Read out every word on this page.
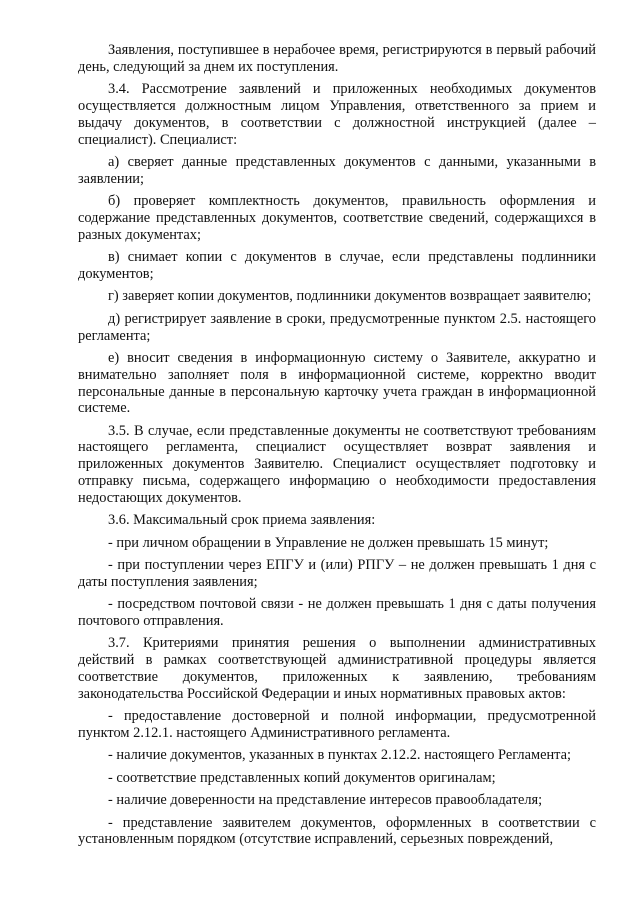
Заявления, поступившее в нерабочее время, регистрируются в первый рабочий день, следующий за днем их поступления.

3.4. Рассмотрение заявлений и приложенных необходимых документов осуществляется должностным лицом Управления, ответственного за прием и выдачу документов, в соответствии с должностной инструкцией (далее – специалист). Специалист:

а) сверяет данные представленных документов с данными, указанными в заявлении;

б) проверяет комплектность документов, правильность оформления и содержание представленных документов, соответствие сведений, содержащихся в разных документах;

в) снимает копии с документов в случае, если представлены подлинники документов;

г) заверяет копии документов, подлинники документов возвращает заявителю;

д) регистрирует заявление в сроки, предусмотренные пунктом 2.5. настоящего регламента;

е) вносит сведения в информационную систему о Заявителе, аккуратно и внимательно заполняет поля в информационной системе, корректно вводит персональные данные в персональную карточку учета граждан в информационной системе.

3.5. В случае, если представленные документы не соответствуют требованиям настоящего регламента, специалист осуществляет возврат заявления и приложенных документов Заявителю. Специалист осуществляет подготовку и отправку письма, содержащего информацию о необходимости предоставления недостающих документов.

3.6. Максимальный срок приема заявления:

- при личном обращении в Управление не должен превышать 15 минут;

- при поступлении через ЕПГУ и (или) РПГУ – не должен превышать 1 дня с даты поступления заявления;

- посредством почтовой связи - не должен превышать 1 дня с даты получения почтового отправления.

3.7. Критериями принятия решения о выполнении административных действий в рамках соответствующей административной процедуры является соответствие документов, приложенных к заявлению, требованиям законодательства Российской Федерации и иных нормативных правовых актов:

- предоставление достоверной и полной информации, предусмотренной пунктом 2.12.1. настоящего Административного регламента.

- наличие документов, указанных в пунктах 2.12.2. настоящего Регламента;

- соответствие представленных копий документов оригиналам;

- наличие доверенности на представление интересов правообладателя;

- представление заявителем документов, оформленных в соответствии с установленным порядком (отсутствие исправлений, серьезных повреждений,
